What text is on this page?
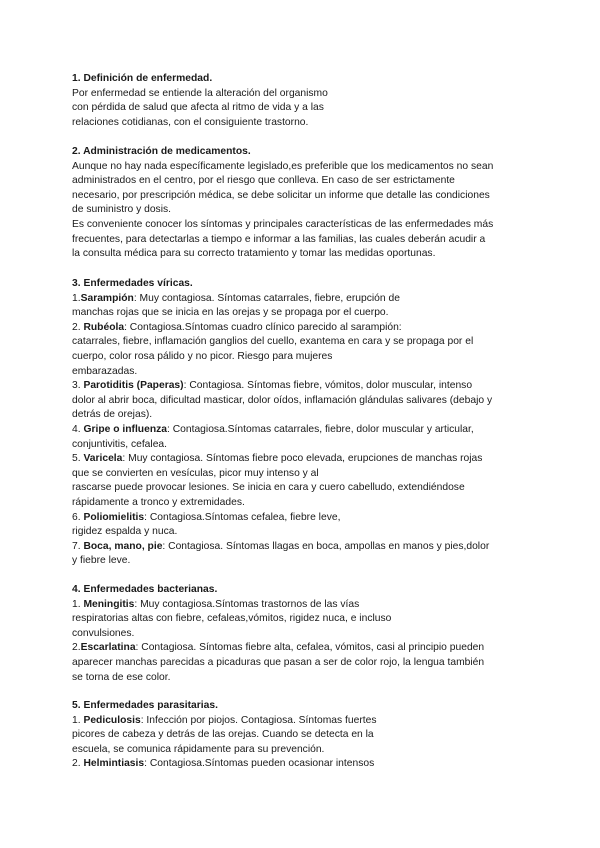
1. Definición de enfermedad.
Por enfermedad se entiende la alteración del organismo
con pérdida de salud que afecta al ritmo de vida y a las
relaciones cotidianas, con el consiguiente trastorno.
2. Administración de medicamentos.
Aunque no hay nada específicamente legislado,es preferible que los medicamentos no sean
administrados en el centro, por el riesgo que conlleva. En caso de ser estrictamente
necesario, por prescripción médica, se debe solicitar un informe que detalle las condiciones
de suministro y dosis.
Es conveniente conocer los síntomas y principales características de las enfermedades más
frecuentes, para detectarlas a tiempo e informar a las familias, las cuales deberán acudir a
la consulta médica para su correcto tratamiento y tomar las medidas oportunas.
3. Enfermedades víricas.
1.Sarampión: Muy contagiosa. Síntomas catarrales, fiebre, erupción de
manchas rojas que se inicia en las orejas y se propaga por el cuerpo.
2. Rubéola: Contagiosa.Síntomas cuadro clínico parecido al sarampión:
catarrales, fiebre, inflamación ganglios del cuello, exantema en cara y se propaga por el
cuerpo, color rosa pálido y no picor. Riesgo para mujeres
embarazadas.
3. Parotiditis (Paperas): Contagiosa. Síntomas fiebre, vómitos, dolor muscular, intenso
dolor al abrir boca, dificultad masticar, dolor oídos, inflamación glándulas salivares (debajo y
detrás de orejas).
4. Gripe o influenza: Contagiosa.Síntomas catarrales, fiebre, dolor muscular y articular,
conjuntivitis, cefalea.
5. Varicela: Muy contagiosa. Síntomas fiebre poco elevada, erupciones de manchas rojas
que se convierten en vesículas, picor muy intenso y al
rascarse puede provocar lesiones. Se inicia en cara y cuero cabelludo, extendiéndose
rápidamente a tronco y extremidades.
6. Poliomielitis: Contagiosa.Síntomas cefalea, fiebre leve,
rigidez espalda y nuca.
7. Boca, mano, pie: Contagiosa. Síntomas llagas en boca, ampollas en manos y pies,dolor
y fiebre leve.
4. Enfermedades bacterianas.
1. Meningitis: Muy contagiosa.Síntomas trastornos de las vías
respiratorias altas con fiebre, cefaleas,vómitos, rigidez nuca, e incluso
convulsiones.
2.Escarlatina: Contagiosa. Síntomas fiebre alta, cefalea, vómitos, casi al principio pueden
aparecer manchas parecidas a picaduras que pasan a ser de color rojo, la lengua también
se torna de ese color.
5. Enfermedades parasitarias.
1. Pediculosis: Infección por piojos. Contagiosa. Síntomas fuertes
picores de cabeza y detrás de las orejas. Cuando se detecta en la
escuela, se comunica rápidamente para su prevención.
2. Helmintiasis: Contagiosa.Síntomas pueden ocasionar intensos
